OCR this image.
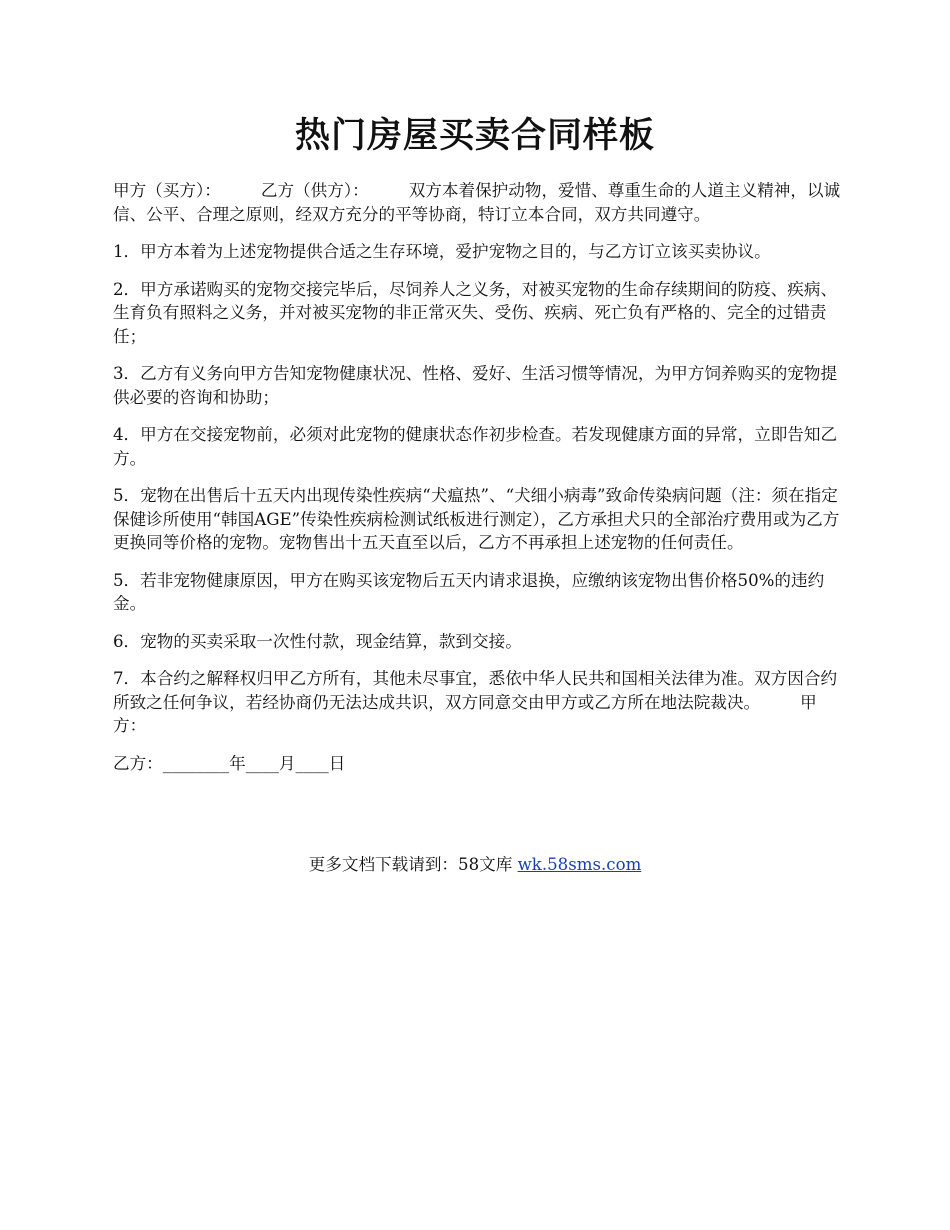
热门房屋买卖合同样板

甲方（买方）： 乙方（供方）： 双方本着保护动物，爱惜、尊重生命的人道主义精神，以诚信、公平、合理之原则，经双方充分的平等协商，特订立本合同，双方共同遵守。

1．甲方本着为上述宠物提供合适之生存环境，爱护宠物之目的，与乙方订立该买卖协议。

2．甲方承诺购买的宠物交接完毕后，尽饲养人之义务，对被买宠物的生命存续期间的防疫、疾病、生育负有照料之义务，并对被买宠物的非正常灭失、受伤、疾病、死亡负有严格的、完全的过错责任；

3．乙方有义务向甲方告知宠物健康状况、性格、爱好、生活习惯等情况，为甲方饲养购买的宠物提供必要的咨询和协助；

4．甲方在交接宠物前，必须对此宠物的健康状态作初步检查。若发现健康方面的异常，立即告知乙方。

5．宠物在出售后十五天内出现传染性疾病“犬瘟热”、“犬细小病毒”致命传染病问题（注：须在指定保健诊所使用“韩国AGE”传染性疾病检测试纸板进行测定），乙方承担犬只的全部治疗费用或为乙方更换同等价格的宠物。宠物售出十五天直至以后，乙方不再承担上述宠物的任何责任。

5．若非宠物健康原因，甲方在购买该宠物后五天内请求退换，应缴纳该宠物出售价格50%的违约金。

6．宠物的买卖采取一次性付款，现金结算，款到交接。

7．本合约之解释权归甲乙方所有，其他未尽事宜，悉依中华人民共和国相关法律为准。双方因合约所致之任何争议，若经协商仍无法达成共识，双方同意交由甲方或乙方所在地法院裁决。 甲方：

乙方：________年____月____日

更多文档下载请到：58文库 wk.58sms.com
